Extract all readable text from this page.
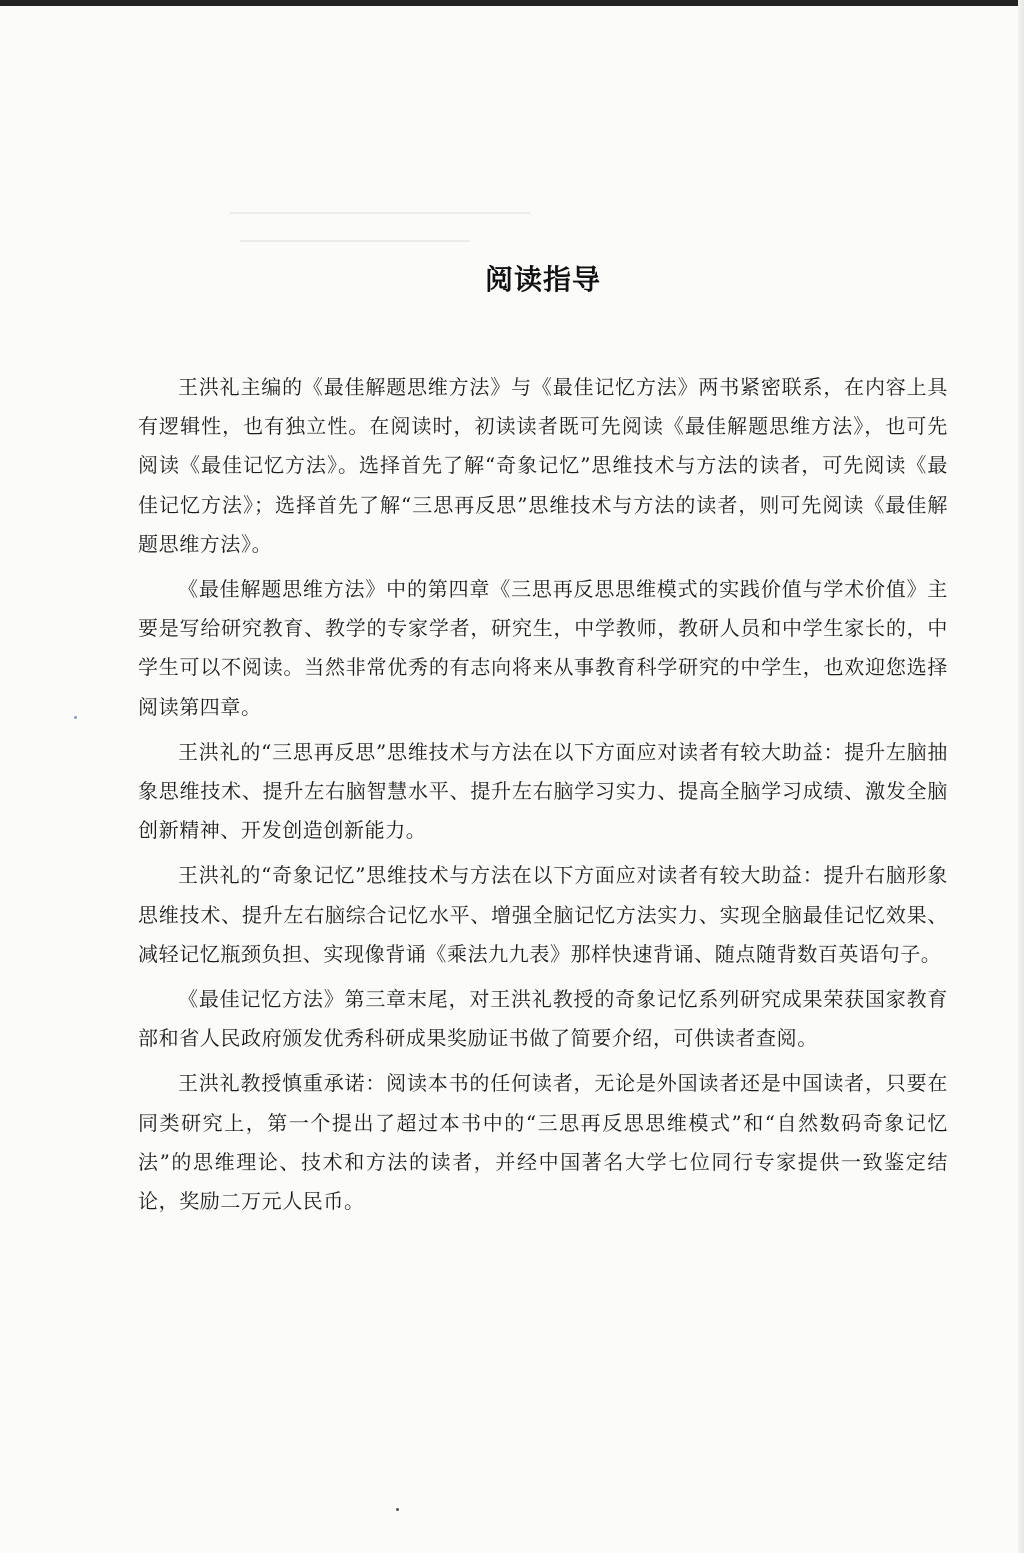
阅读指导

王洪礼主编的《最佳解题思维方法》与《最佳记忆方法》两书紧密联系，在内容上具有逻辑性，也有独立性。在阅读时，初读读者既可先阅读《最佳解题思维方法》，也可先阅读《最佳记忆方法》。选择首先了解“奇象记忆”思维技术与方法的读者，可先阅读《最佳记忆方法》；选择首先了解“三思再反思”思维技术与方法的读者，则可先阅读《最佳解题思维方法》。

《最佳解题思维方法》中的第四章《三思再反思思维模式的实践价值与学术价值》主要是写给研究教育、教学的专家学者，研究生，中学教师，教研人员和中学生家长的，中学生可以不阅读。当然非常优秀的有志向将来从事教育科学研究的中学生，也欢迎您选择阅读第四章。

王洪礼的“三思再反思”思维技术与方法在以下方面应对读者有较大助益：提升左脑抽象思维技术、提升左右脑智慧水平、提升左右脑学习实力、提高全脑学习成绩、激发全脑创新精神、开发创造创新能力。

王洪礼的“奇象记忆”思维技术与方法在以下方面应对读者有较大助益：提升右脑形象思维技术、提升左右脑综合记忆水平、增强全脑记忆方法实力、实现全脑最佳记忆效果、减轻记忆瓶颈负担、实现像背诵《乘法九九表》那样快速背诵、随点随背数百英语句子。

《最佳记忆方法》第三章末尾，对王洪礼教授的奇象记忆系列研究成果荣获国家教育部和省人民政府颁发优秀科研成果奖励证书做了简要介绍，可供读者查阅。

王洪礼教授慎重承诺：阅读本书的任何读者，无论是外国读者还是中国读者，只要在同类研究上，第一个提出了超过本书中的“三思再反思思维模式”和“自然数码奇象记忆法”的思维理论、技术和方法的读者，并经中国著名大学七位同行专家提供一致鉴定结论，奖励二万元人民币。
